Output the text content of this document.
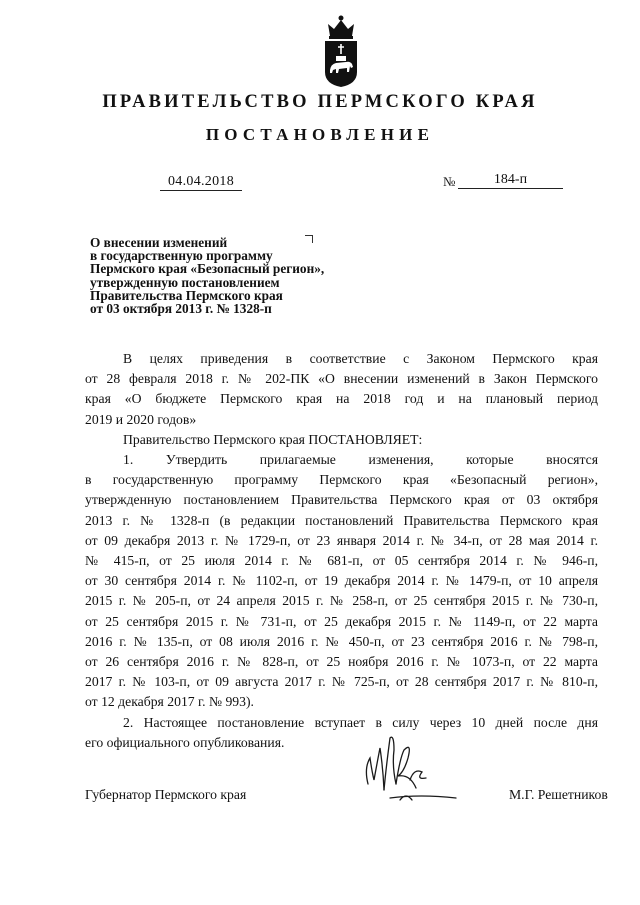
ПРАВИТЕЛЬСТВО ПЕРМСКОГО КРАЯ
ПОСТАНОВЛЕНИЕ
04.04.2018	№	184-п
О внесении изменений
в государственную программу
Пермского края «Безопасный регион»,
утвержденную постановлением
Правительства Пермского края
от 03 октября 2013 г. № 1328-п
В целях приведения в соответствие с Законом Пермского края
от 28 февраля 2018 г. № 202-ПК «О внесении изменений в Закон Пермского
края «О бюджете Пермского края на 2018 год и на плановый период
2019 и 2020 годов»
Правительство Пермского края ПОСТАНОВЛЯЕТ:
1. Утвердить прилагаемые изменения, которые вносятся
в государственную программу Пермского края «Безопасный регион»,
утвержденную постановлением Правительства Пермского края от 03 октября
2013 г. № 1328-п (в редакции постановлений Правительства Пермского края
от 09 декабря 2013 г. № 1729-п, от 23 января 2014 г. № 34-п, от 28 мая 2014 г.
№ 415-п, от 25 июля 2014 г. № 681-п, от 05 сентября 2014 г. № 946-п,
от 30 сентября 2014 г. № 1102-п, от 19 декабря 2014 г. № 1479-п, от 10 апреля
2015 г. № 205-п, от 24 апреля 2015 г. № 258-п, от 25 сентября 2015 г. № 730-п,
от 25 сентября 2015 г. № 731-п, от 25 декабря 2015 г. № 1149-п, от 22 марта
2016 г. № 135-п, от 08 июля 2016 г. № 450-п, от 23 сентября 2016 г. № 798-п,
от 26 сентября 2016 г. № 828-п, от 25 ноября 2016 г. № 1073-п, от 22 марта
2017 г. № 103-п, от 09 августа 2017 г. № 725-п, от 28 сентября 2017 г. № 810-п,
от 12 декабря 2017 г. № 993).
2. Настоящее постановление вступает в силу через 10 дней после дня
его официального опубликования.
Губернатор Пермского края	М.Г. Решетников
